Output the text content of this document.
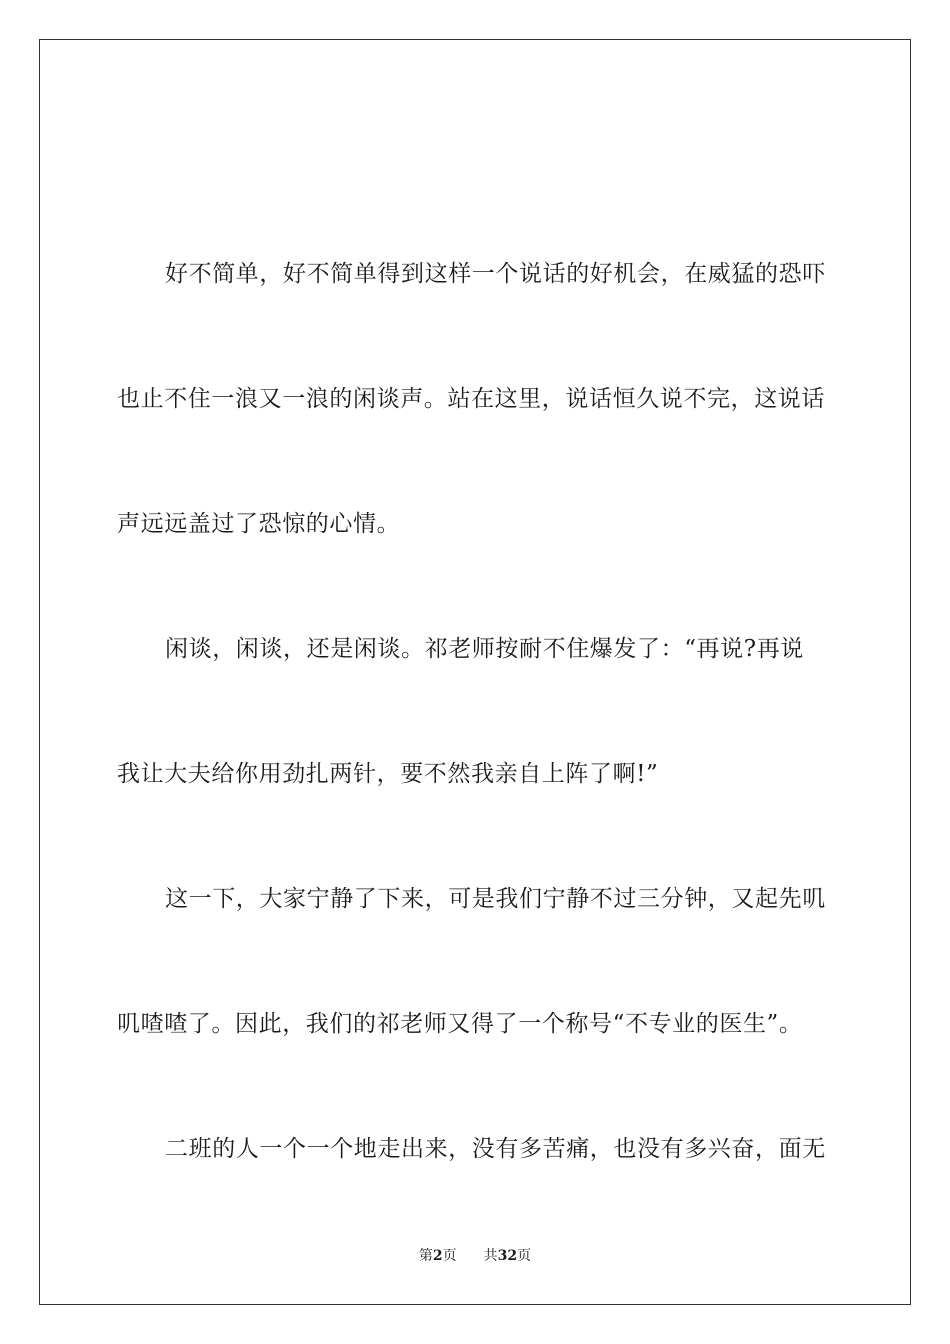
好不简单，好不简单得到这样一个说话的好机会，在威猛的恐吓
也止不住一浪又一浪的闲谈声。站在这里，说话恒久说不完，这说话
声远远盖过了恐惊的心情。
闲谈，闲谈，还是闲谈。祁老师按耐不住爆发了：“再说?再说
我让大夫给你用劲扎两针，要不然我亲自上阵了啊!”
这一下，大家宁静了下来，可是我们宁静不过三分钟，又起先叽
叽喳喳了。因此，我们的祁老师又得了一个称号“不专业的医生”。
二班的人一个一个地走出来，没有多苦痛，也没有多兴奋，面无
第2页 共32页
